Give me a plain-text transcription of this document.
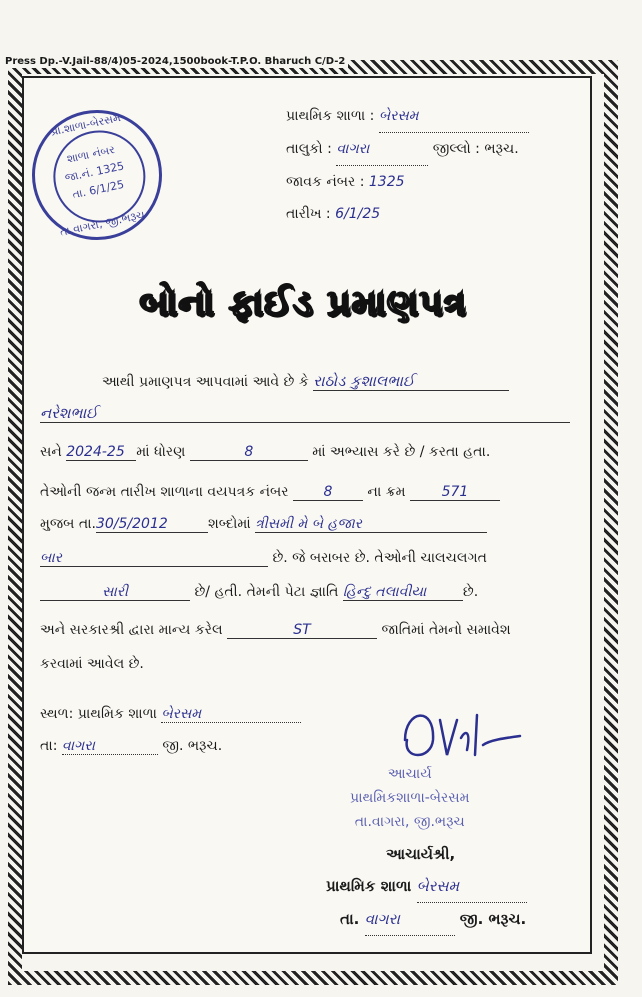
Press Dp.-V.Jail-88/4)05-2024,1500book-T.P.O. Bharuch C/D-2
પ્રાથમિક શાળા : બેરસમ
તાલુકો : વાગરા	જીલ્લો : ભરૂચ.
જાવક નંબર : 1325
તારીખ : 6/1/25
પ્રા.શાળા-બેરસમ
શાળા નંબર
જા.નં. 1325
તા. 6/1/25
તા.વાગરા, જી.ભરૂચ
બોનો ફાઈડ પ્રમાણપત્ર
આથી પ્રમાણપત્ર આપવામાં આવે છે કે રાઠોડ કુશાલભાઈ
નરેશભાઈ
સને 2024-25 માં ધોરણ	8	માં અભ્યાસ કરે છે / કરતા હતા.
તેઓની જન્મ તારીખ શાળાના વયપત્રક નંબર 8	ના ક્રમ	571
મુજબ તા.30/5/2012	શબ્દોમાં ત્રીસમી મે બે હજાર
બાર	છે. જે બરાબર છે. તેઓની ચાલચલગત
સારી	છે/ હતી. તેમની પેટા જ્ઞાતિ હિન્દુ તલાવીયા	છે.
અને સરકારશ્રી દ્વારા માન્ય કરેલ	ST	જાતિમાં તેમનો સમાવેશ
કરવામાં આવેલ છે.
સ્થળ: પ્રાથમિક શાળા બેરસમ
તા: વાગરા	જી. ભરૂચ.
આચાર્ય
પ્રાથમિકશાળા-બેરસમ
તા.વાગરા, જી.ભરૂચ
આચાર્યશ્રી,
પ્રાથમિક શાળા બેરસમ
તા. વાગરા	જી. ભરૂચ.
